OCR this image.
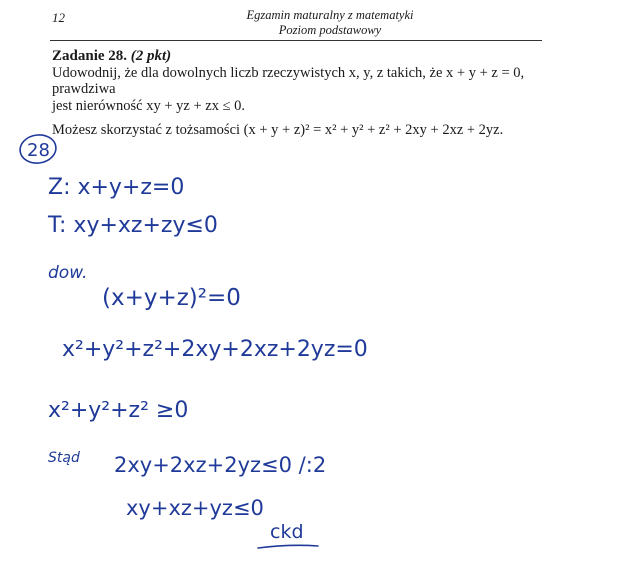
12	Egzamin maturalny z matematyki
Poziom podstawowy
Zadanie 28. (2 pkt)

Udowodnij, że dla dowolnych liczb rzeczywistych x, y, z takich, że x + y + z = 0, prawdziwa

jest nierówność xy + yz + zx ≤ 0.

Możesz skorzystać z tożsamości (x + y + z)² = x² + y² + z² + 2xy + 2xz + 2yz.

28
Z: x+y+z=0
T: xy+xz+zy≤0
dow.
(x+y+z)²=0
x²+y²+z²+2xy+2xz+2yz=0
x²+y²+z² ≥0
Stąd 2xy+2xz+2yz≤0 /:2
xy+xz+yz≤0
ckd
